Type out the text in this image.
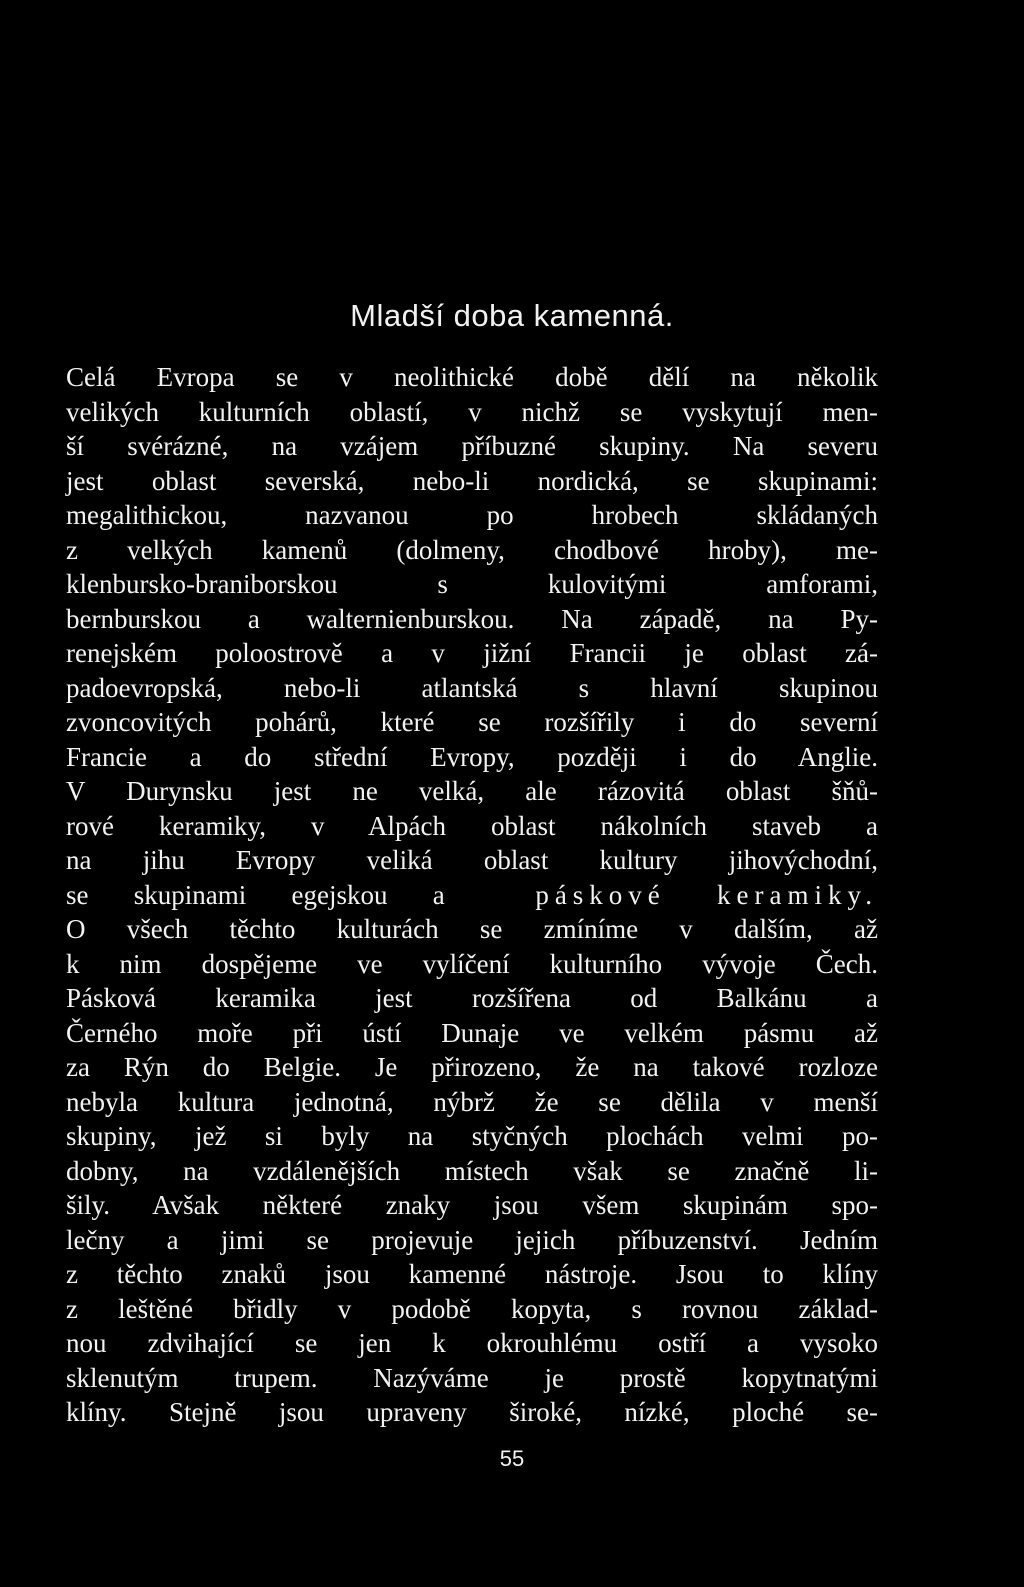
Mladší doba kamenná.
Celá Evropa se v neolithické době dělí na několik
velikých kulturních oblastí, v nichž se vyskytují men-
ší svérázné, na vzájem příbuzné skupiny. Na severu
jest oblast severská, nebo-li nordická, se skupinami:
megalithickou, nazvanou po hrobech skládaných
z velkých kamenů (dolmeny, chodbové hroby), me-
klenbursko-braniborskou s kulovitými amforami,
bernburskou a walternienburskou. Na západě, na Py-
renejském poloostrově a v jižní Francii je oblast zá-
padoevropská, nebo-li atlantská s hlavní skupinou
zvoncovitých pohárů, které se rozšířily i do severní
Francie a do střední Evropy, později i do Anglie.
V Durynsku jest ne velká, ale rázovitá oblast šňů-
rové keramiky, v Alpách oblast nákolních staveb a
na jihu Evropy veliká oblast kultury jihovýchodní,
se skupinami egejskou a	páskové keramiky.
O všech těchto kulturách se zmíníme v dalším, až
k nim dospějeme ve vylíčení kulturního vývoje Čech.
Pásková keramika jest rozšířena od Balkánu a
Černého moře při ústí Dunaje ve velkém pásmu až
za Rýn do Belgie. Je přirozeno, že na takové rozloze
nebyla kultura jednotná, nýbrž že se dělila v menší
skupiny, jež si byly na styčných plochách velmi po-
dobny, na vzdálenějších místech však se značně li-
šily. Avšak některé znaky jsou všem skupinám spo-
lečny a jimi se projevuje jejich příbuzenství. Jedním
z těchto znaků jsou kamenné nástroje. Jsou to klíny
z leštěné břidly v podobě kopyta, s rovnou základ-
nou zdvihající se jen k okrouhlému ostří a vysoko
sklenutým trupem. Nazýváme je prostě kopytnatými
klíny. Stejně jsou upraveny široké, nízké, ploché se-
55
